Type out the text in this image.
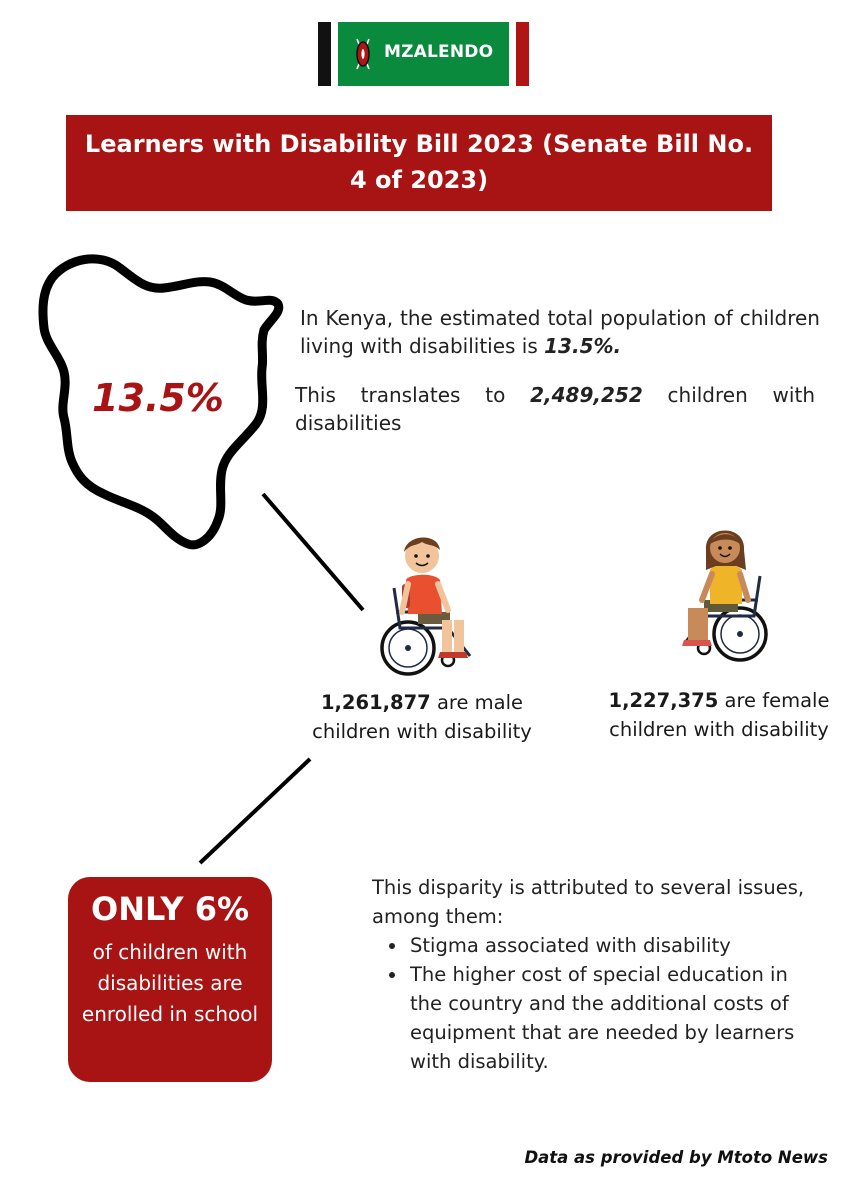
MZALENDO
Learners with Disability Bill 2023 (Senate Bill No. 4 of 2023)
13.5%
In Kenya, the estimated total population of children living with disabilities is 13.5%.
This translates to 2,489,252 children with disabilities
1,261,877 are male children with disability
1,227,375 are female children with disability
ONLY 6%
of children with disabilities are enrolled in school
This disparity is attributed to several issues, among them:
• Stigma associated with disability
• The higher cost of special education in the country and the additional costs of equipment that are needed by learners with disability.
Data as provided by Mtoto News
